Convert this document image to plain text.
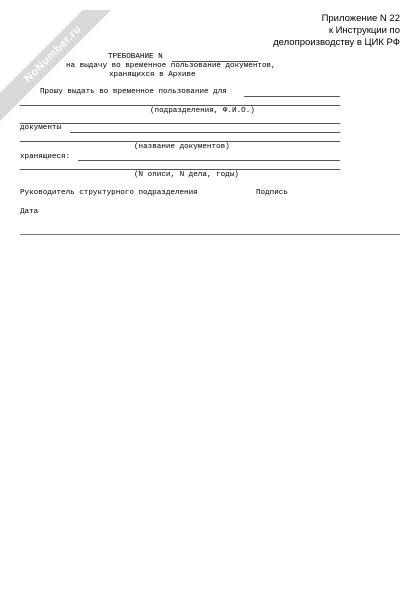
NoNumber.ru
Приложение N 22
к Инструкции по
делопроизводству в ЦИК РФ
ТРЕБОВАНИЕ N
на выдачу во временное пользование документов,
хранящихся в Архиве
Прошу выдать во временное пользование для
(подразделения, Ф.И.О.)
документы
(название документов)
хранящиеся:
(N описи, N дела, годы)
Руководитель структурного подразделения	Подпись
Дата
